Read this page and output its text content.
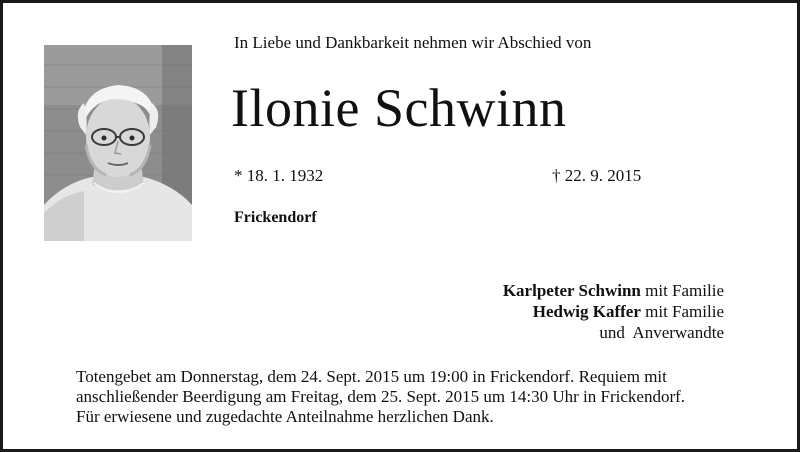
In Liebe und Dankbarkeit nehmen wir Abschied von
Ilonie Schwinn
* 18. 1. 1932	† 22. 9. 2015
Frickendorf
Karlpeter Schwinn mit Familie
Hedwig Kaffer mit Familie
und  Anverwandte
Totengebet am Donnerstag, dem 24. Sept. 2015 um 19:00 in Frickendorf. Requiem mit
anschließender Beerdigung am Freitag, dem 25. Sept. 2015 um 14:30 Uhr in Frickendorf.
Für erwiesene und zugedachte Anteilnahme herzlichen Dank.
